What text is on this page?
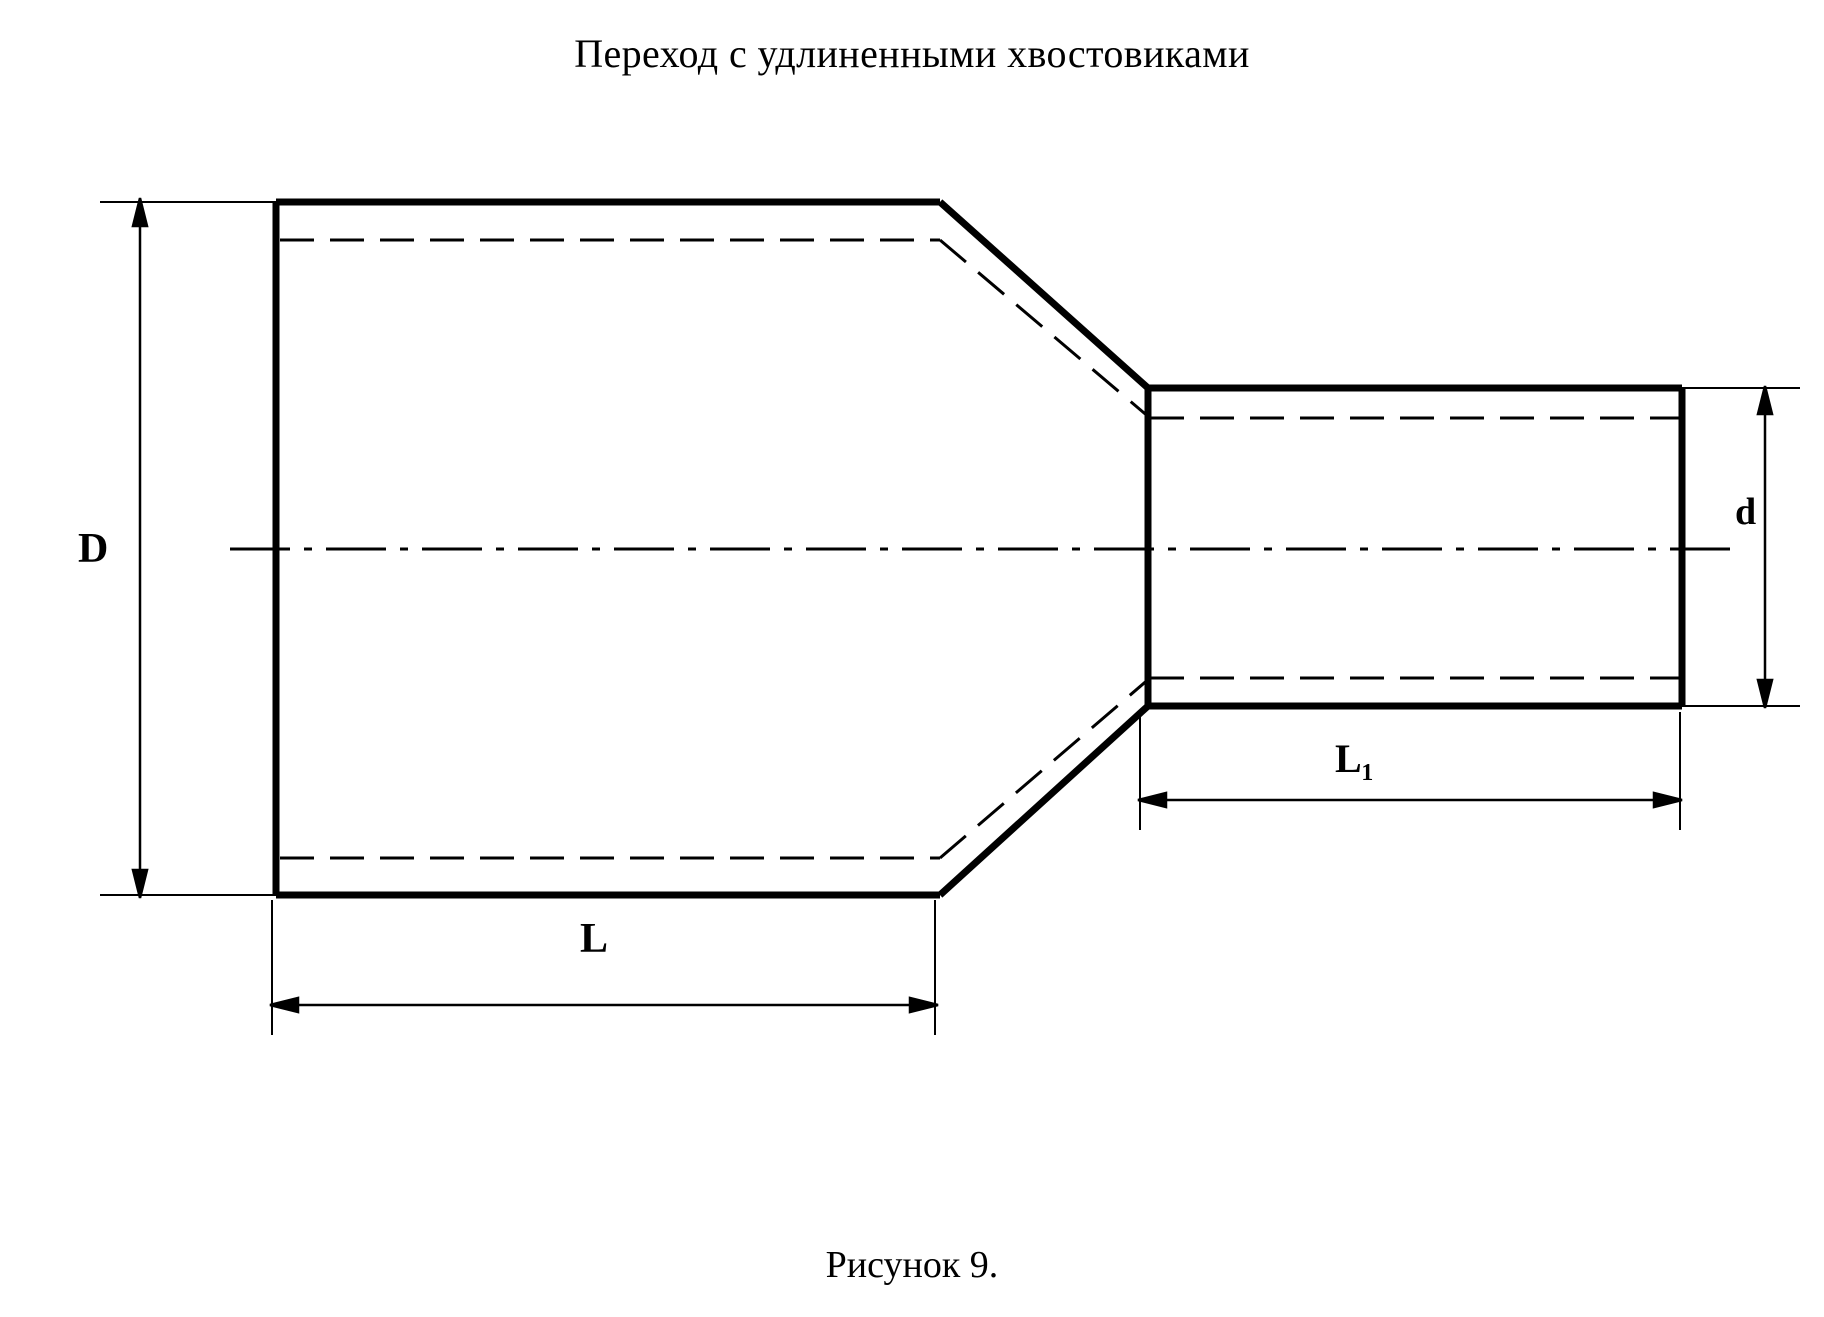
Переход с удлиненными хвостовиками
D
d
L
L₁
Рисунок 9.
